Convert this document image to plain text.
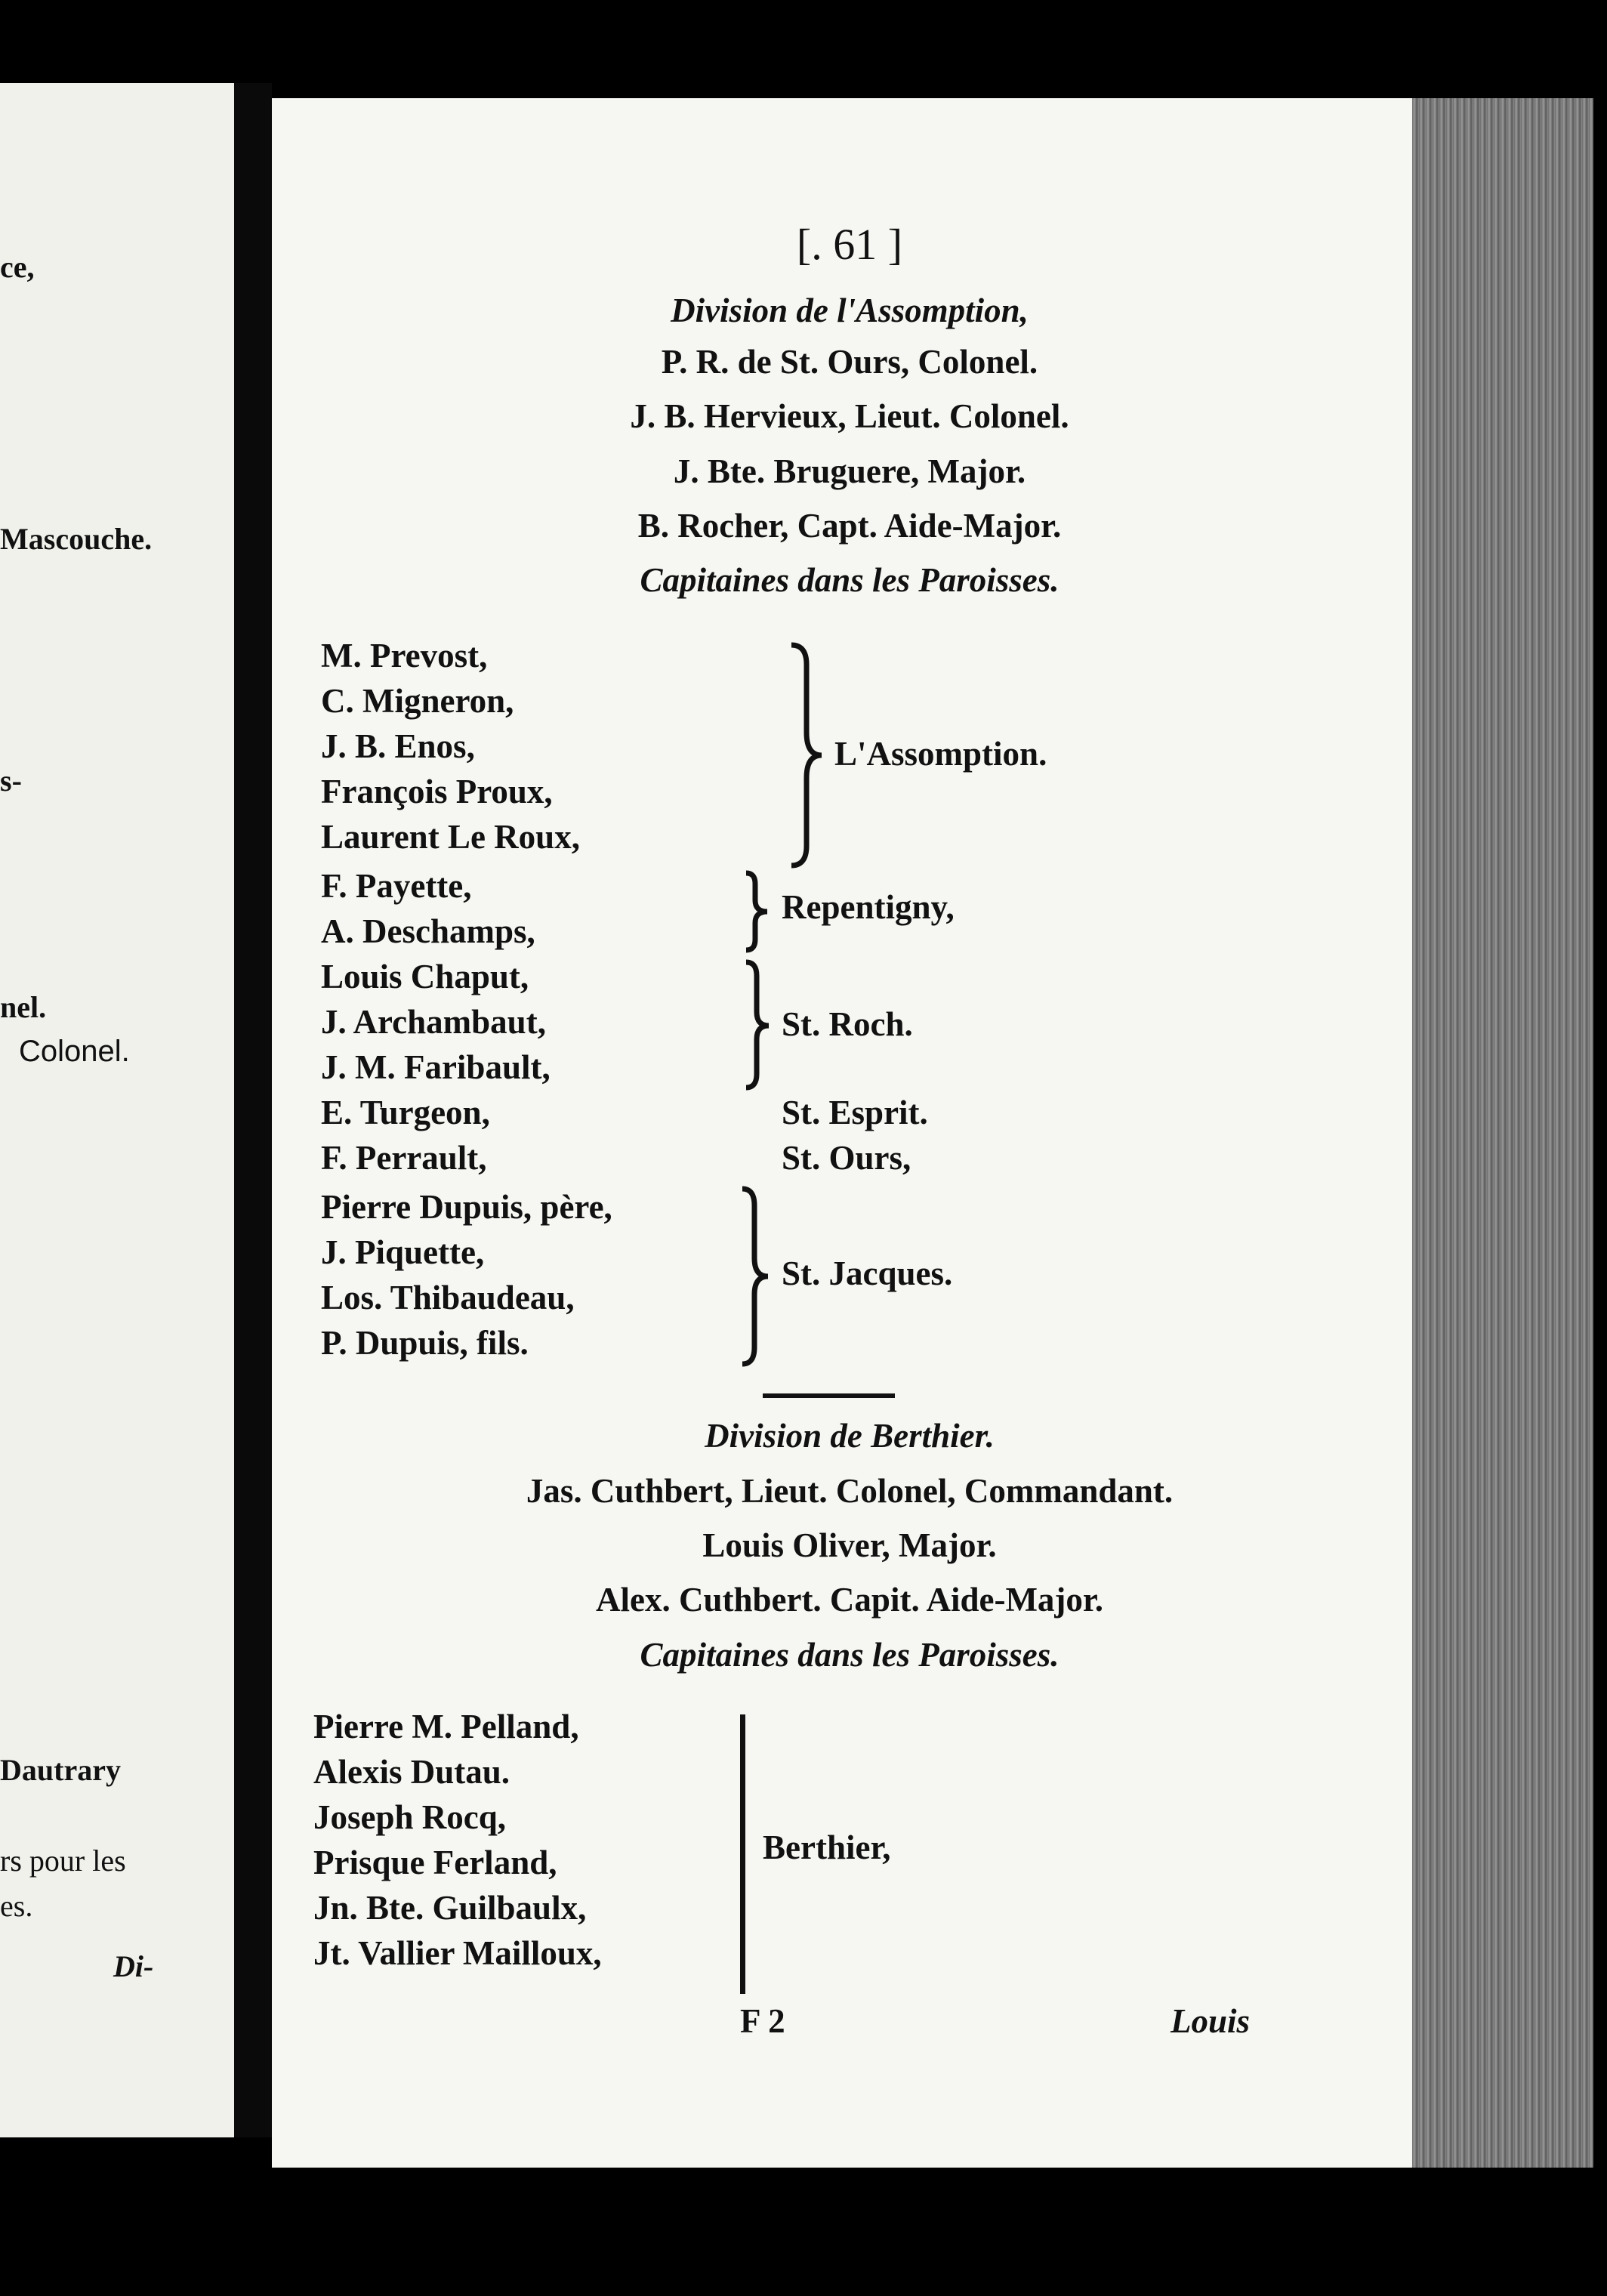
ce,
Mascouche.
s-
nel.
Colonel.
Dautrary
rs pour les
es.
Di-
[. 61 ]
Division de l'Assomption,
P. R. de St. Ours, Colonel.
J. B. Hervieux, Lieut. Colonel.
J. Bte. Bruguere, Major.
B. Rocher, Capt. Aide-Major.
Capitaines dans les Paroisses.
M. Prevost,
C. Migneron,
J. B. Enos,
François Proux,
Laurent Le Roux,
F. Payette,
A. Deschamps,
Louis Chaput,
J. Archambaut,
J. M. Faribault,
E. Turgeon,
F. Perrault,
Pierre Dupuis, père,
J. Piquette,
Los. Thibaudeau,
P. Dupuis, fils.
L'Assomption.
Repentigny,
St. Roch.
St. Esprit.
St. Ours,
St. Jacques.
Division de Berthier.
Jas. Cuthbert, Lieut. Colonel, Commandant.
Louis Oliver, Major.
Alex. Cuthbert. Capit. Aide-Major.
Capitaines dans les Paroisses.
Pierre M. Pelland,
Alexis Dutau.
Joseph Rocq,
Prisque Ferland,
Jn. Bte. Guilbaulx,
Jt. Vallier Mailloux,
Berthier,
F 2	Louis
